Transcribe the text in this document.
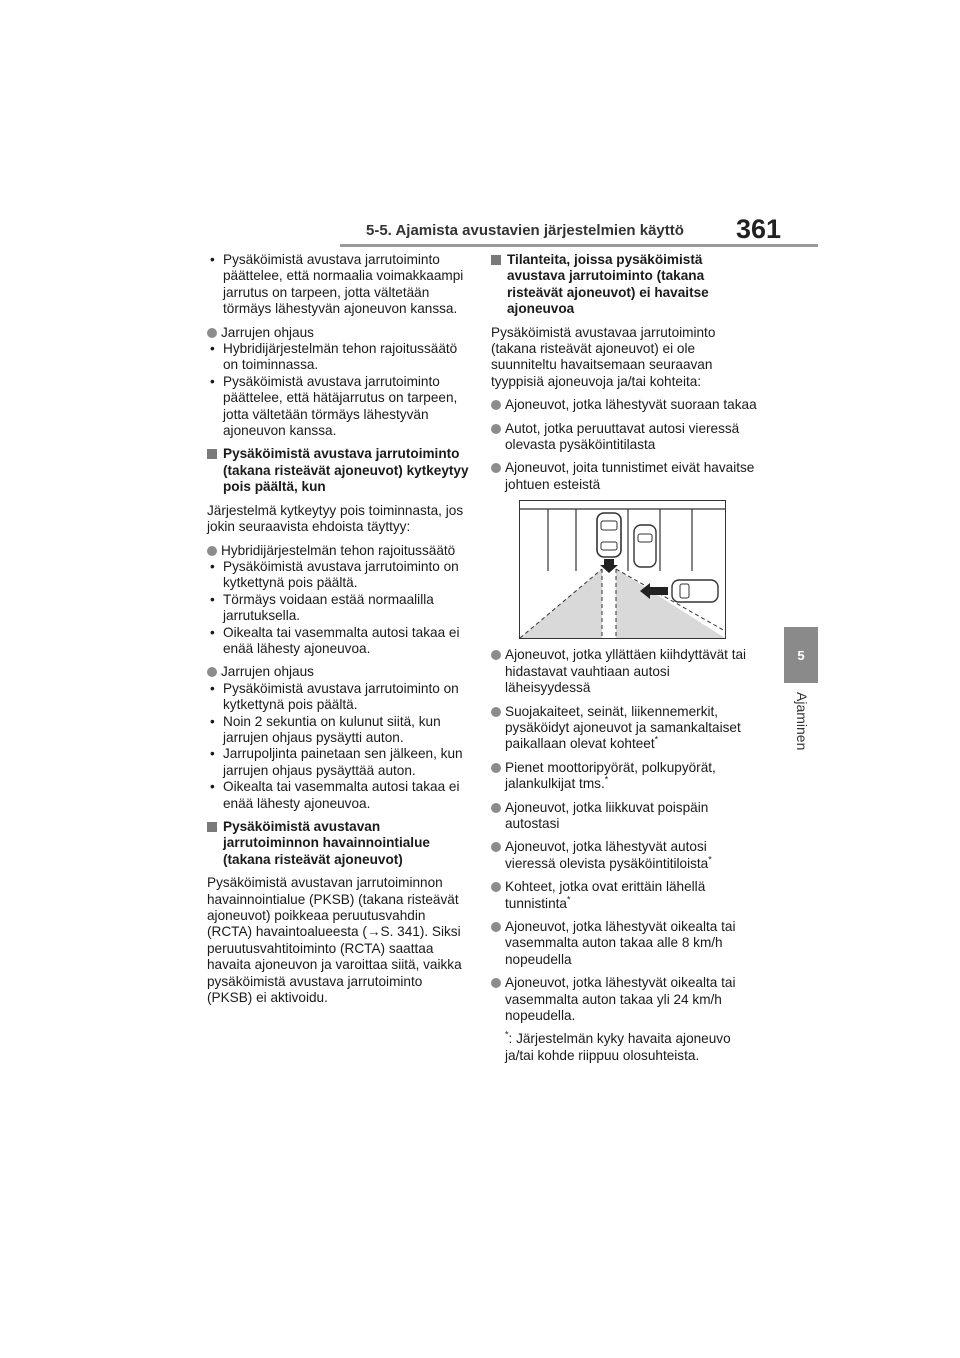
5-5. Ajamista avustavien järjestelmien käyttö	361
5
Ajaminen
• Pysäköimistä avustava jarrutoiminto päättelee, että normaalia voimakkaampi jarrutus on tarpeen, jotta vältetään törmäys lähestyvän ajoneuvon kanssa.
Jarrujen ohjaus
• Hybridijärjestelmän tehon rajoitussäätö on toiminnassa.
• Pysäköimistä avustava jarrutoiminto päättelee, että hätäjarrutus on tarpeen, jotta vältetään törmäys lähestyvän ajoneuvon kanssa.
Pysäköimistä avustava jarrutoiminto (takana risteävät ajoneuvot) kytkeytyy pois päältä, kun
Järjestelmä kytkeytyy pois toiminnasta, jos jokin seuraavista ehdoista täyttyy:
Hybridijärjestelmän tehon rajoitussäätö
• Pysäköimistä avustava jarrutoiminto on kytkettynä pois päältä.
• Törmäys voidaan estää normaalilla jarrutuksella.
• Oikealta tai vasemmalta autosi takaa ei enää lähesty ajoneuvoa.
Jarrujen ohjaus
• Pysäköimistä avustava jarrutoiminto on kytkettynä pois päältä.
• Noin 2 sekuntia on kulunut siitä, kun jarrujen ohjaus pysäytti auton.
• Jarrupoljinta painetaan sen jälkeen, kun jarrujen ohjaus pysäyttää auton.
• Oikealta tai vasemmalta autosi takaa ei enää lähesty ajoneuvoa.
Pysäköimistä avustavan jarrutoiminnon havainnointialue (takana risteävät ajoneuvot)
Pysäköimistä avustavan jarrutoiminnon havainnointialue (PKSB) (takana risteävät ajoneuvot) poikkeaa peruutusvahdin (RCTA) havaintoalueesta (→S. 341). Siksi peruutusvahtitoiminto (RCTA) saattaa havaita ajoneuvon ja varoittaa siitä, vaikka pysäköimistä avustava jarrutoiminto (PKSB) ei aktivoidu.
Tilanteita, joissa pysäköimistä avustava jarrutoiminto (takana risteävät ajoneuvot) ei havaitse ajoneuvoa
Pysäköimistä avustavaa jarrutoiminto (takana risteävät ajoneuvot) ei ole suunniteltu havaitsemaan seuraavan tyyppisiä ajoneuvoja ja/tai kohteita:
Ajoneuvot, jotka lähestyvät suoraan takaa
Autot, jotka peruuttavat autosi vieressä olevasta pysäköintitilasta
Ajoneuvot, joita tunnistimet eivät havaitse johtuen esteistä
Ajoneuvot, jotka yllättäen kiihdyttävät tai hidastavat vauhtiaan autosi läheisyydessä
Suojakaiteet, seinät, liikennemerkit, pysäköidyt ajoneuvot ja samankaltaiset paikallaan olevat kohteet*
Pienet moottoripyörät, polkupyörät, jalankulkijat tms.*
Ajoneuvot, jotka liikkuvat poispäin autostasi
Ajoneuvot, jotka lähestyvät autosi vieressä olevista pysäköintitiloista*
Kohteet, jotka ovat erittäin lähellä tunnistinta*
Ajoneuvot, jotka lähestyvät oikealta tai vasemmalta auton takaa alle 8 km/h nopeudella
Ajoneuvot, jotka lähestyvät oikealta tai vasemmalta auton takaa yli 24 km/h nopeudella.
*: Järjestelmän kyky havaita ajoneuvo ja/tai kohde riippuu olosuhteista.
